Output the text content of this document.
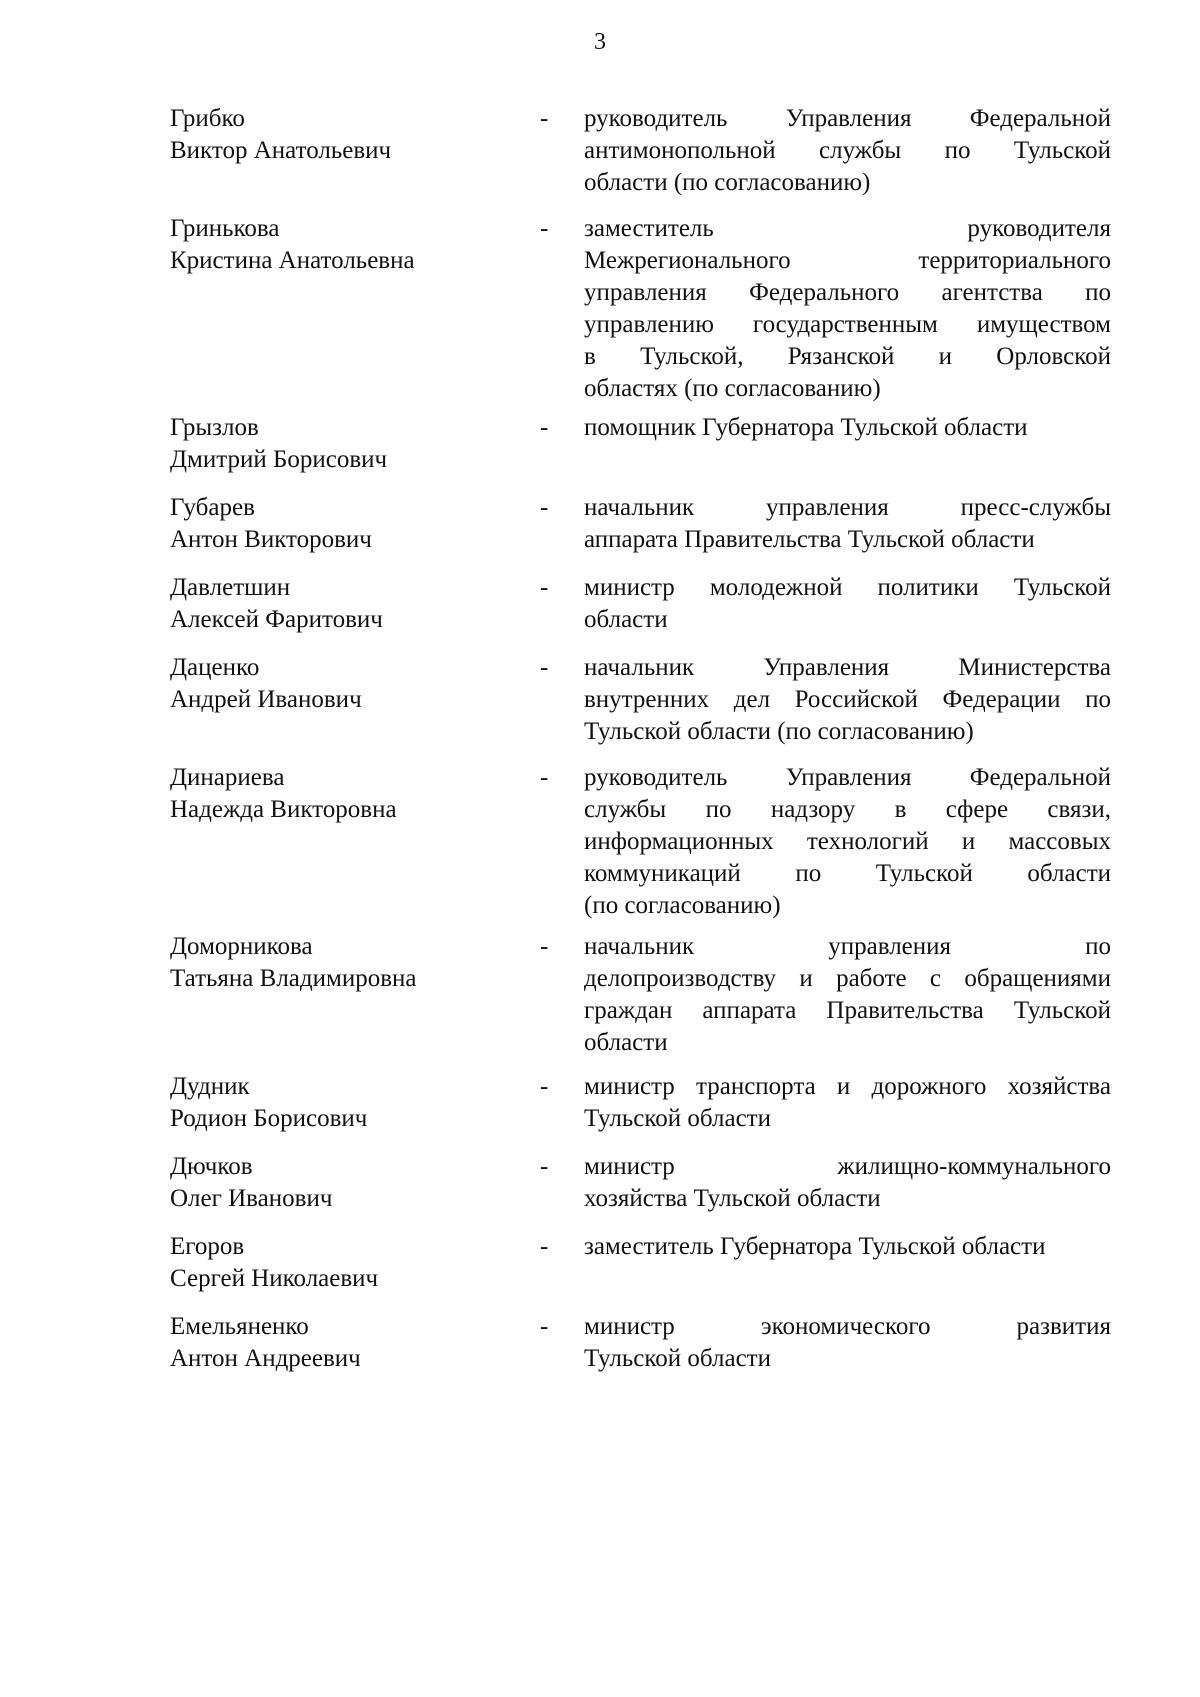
3
Грибко
Виктор Анатольевич
- руководитель Управления Федеральной
антимонопольной службы по Тульской
области (по согласованию)
Гринькова
Кристина Анатольевна
- заместитель руководителя
Межрегионального территориального
управления Федерального агентства по
управлению государственным имуществом
в Тульской, Рязанской и Орловской
областях (по согласованию)
Грызлов
Дмитрий Борисович
- помощник Губернатора Тульской области
Губарев
Антон Викторович
- начальник управления пресс-службы
аппарата Правительства Тульской области
Давлетшин
Алексей Фаритович
- министр молодежной политики Тульской
области
Даценко
Андрей Иванович
- начальник Управления Министерства
внутренних дел Российской Федерации по
Тульской области (по согласованию)
Динариева
Надежда Викторовна
- руководитель Управления Федеральной
службы по надзору в сфере связи,
информационных технологий и массовых
коммуникаций по Тульской области
(по согласованию)
Доморникова
Татьяна Владимировна
- начальник управления по
делопроизводству и работе с обращениями
граждан аппарата Правительства Тульской
области
Дудник
Родион Борисович
- министр транспорта и дорожного хозяйства
Тульской области
Дючков
Олег Иванович
- министр жилищно-коммунального
хозяйства Тульской области
Егоров
Сергей Николаевич
- заместитель Губернатора Тульской области
Емельяненко
Антон Андреевич
- министр экономического развития
Тульской области
